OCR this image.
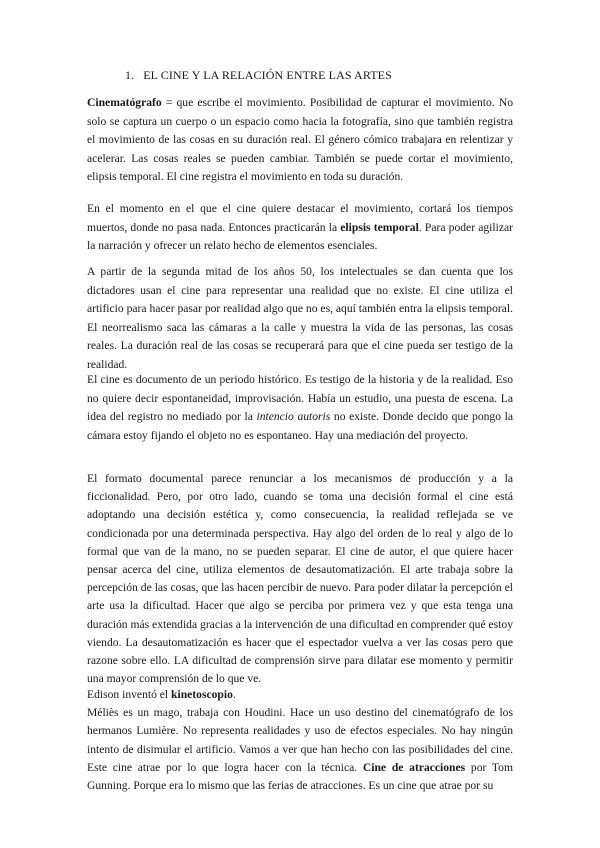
1. EL CINE Y LA RELACIÓN ENTRE LAS ARTES

Cinematógrafo = que escribe el movimiento. Posibilidad de capturar el movimiento. No solo se captura un cuerpo o un espacio como hacia la fotografía, sino que también registra el movimiento de las cosas en su duración real. El género cómico trabajara en relentizar y acelerar. Las cosas reales se pueden cambiar. También se puede cortar el movimiento, elipsis temporal. El cine registra el movimiento en toda su duración.

En el momento en el que el cine quiere destacar el movimiento, cortará los tiempos muertos, donde no pasa nada. Entonces practicarán la elipsis temporal. Para poder agilizar la narración y ofrecer un relato hecho de elementos esenciales.

A partir de la segunda mitad de los años 50, los intelectuales se dan cuenta que los dictadores usan el cine para representar una realidad que no existe. El cine utiliza el artificio para hacer pasar por realidad algo que no es, aquí también entra la elipsis temporal. El neorrealismo saca las cámaras a la calle y muestra la vida de las personas, las cosas reales. La duración real de las cosas se recuperará para que el cine pueda ser testigo de la realidad.

El cine es documento de un periodo histórico. Es testigo de la historia y de la realidad. Eso no quiere decir espontaneidad, improvisación. Había un estudio, una puesta de escena. La idea del registro no mediado por la intencio autoris no existe. Donde decido que pongo la cámara estoy fijando el objeto no es espontaneo. Hay una mediación del proyecto.

El formato documental parece renunciar a los mecanismos de producción y a la ficcionalidad. Pero, por otro lado, cuando se toma una decisión formal el cine está adoptando una decisión estética y, como consecuencia, la realidad reflejada se ve condicionada por una determinada perspectiva. Hay algo del orden de lo real y algo de lo formal que van de la mano, no se pueden separar. El cine de autor, el que quiere hacer pensar acerca del cine, utiliza elementos de desautomatización. El arte trabaja sobre la percepción de las cosas, que las hacen percibir de nuevo. Para poder dilatar la percepción el arte usa la dificultad. Hacer que algo se perciba por primera vez y que esta tenga una duración más extendida gracias a la intervención de una dificultad en comprender qué estoy viendo. La desautomatización es hacer que el espectador vuelva a ver las cosas pero que razone sobre ello. LA dificultad de comprensión sirve para dilatar ese momento y permitir una mayor comprensión de lo que ve.

Edison inventó el kinetoscopio.
Méliès es un mago, trabaja con Houdini. Hace un uso destino del cinematógrafo de los hermanos Lumière. No representa realidades y uso de efectos especiales. No hay ningún intento de disimular el artificio. Vamos a ver que han hecho con las posibilidades del cine. Este cine atrae por lo que logra hacer con la técnica. Cine de atracciones por Tom Gunning. Porque era lo mismo que las ferias de atracciones. Es un cine que atrae por su
